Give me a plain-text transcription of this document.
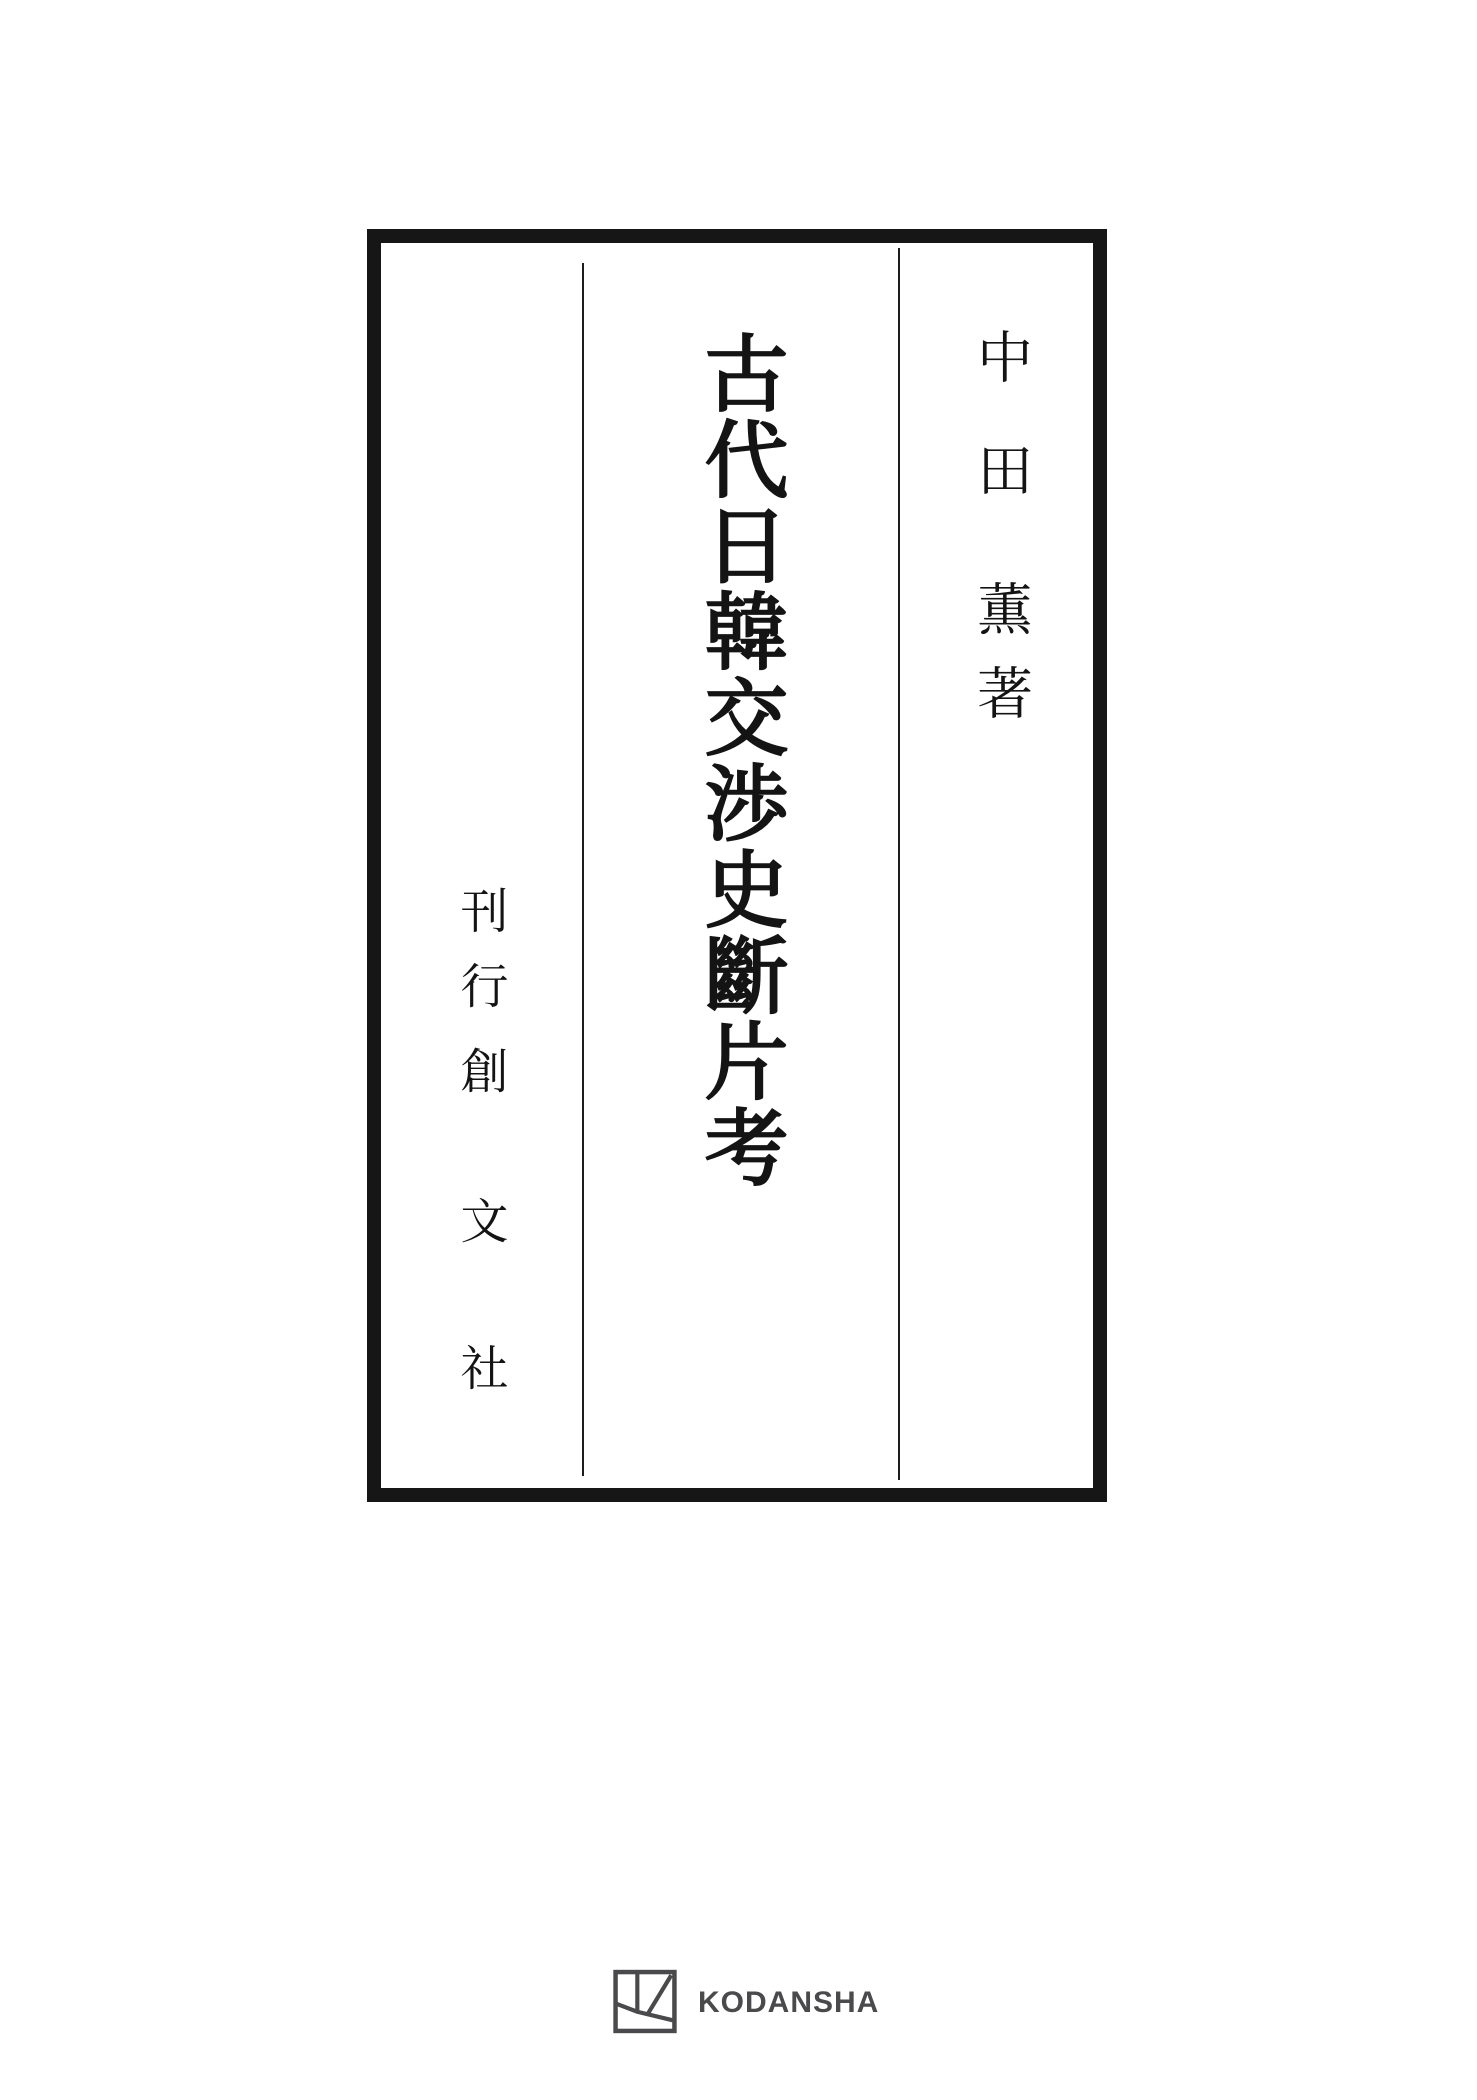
中田薫著
古代日韓交渉史斷片考
刊行創文社
KODANSHA
